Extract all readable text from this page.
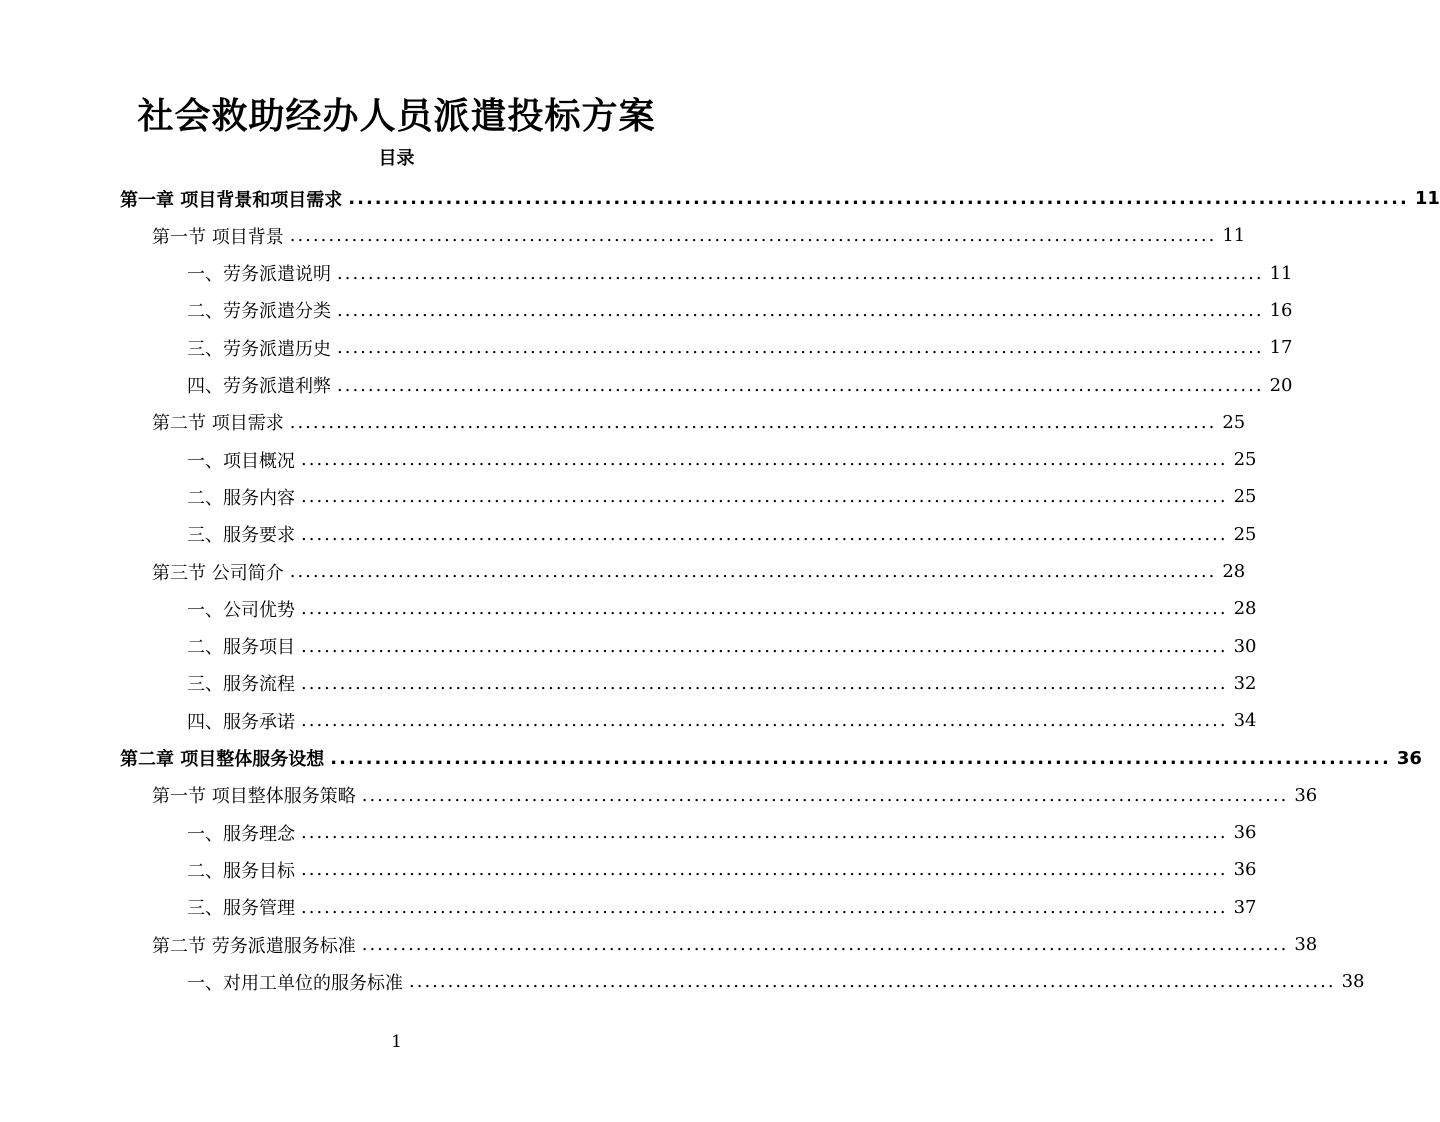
社会救助经办人员派遣投标方案
目录
第一章 项目背景和项目需求 ........................................................................................................................ 11
第一节 项目背景 ........................................................................................................................ 11
一、劳务派遣说明 ........................................................................................................................ 11
二、劳务派遣分类 ........................................................................................................................ 16
三、劳务派遣历史 ........................................................................................................................ 17
四、劳务派遣利弊 ........................................................................................................................ 20
第二节 项目需求 ........................................................................................................................ 25
一、项目概况 ........................................................................................................................ 25
二、服务内容 ........................................................................................................................ 25
三、服务要求 ........................................................................................................................ 25
第三节 公司简介 ........................................................................................................................ 28
一、公司优势 ........................................................................................................................ 28
二、服务项目 ........................................................................................................................ 30
三、服务流程 ........................................................................................................................ 32
四、服务承诺 ........................................................................................................................ 34
第二章 项目整体服务设想 ........................................................................................................................ 36
第一节 项目整体服务策略 ........................................................................................................................ 36
一、服务理念 ........................................................................................................................ 36
二、服务目标 ........................................................................................................................ 36
三、服务管理 ........................................................................................................................ 37
第二节 劳务派遣服务标准 ........................................................................................................................ 38
一、对用工单位的服务标准 ........................................................................................................................ 38
1
